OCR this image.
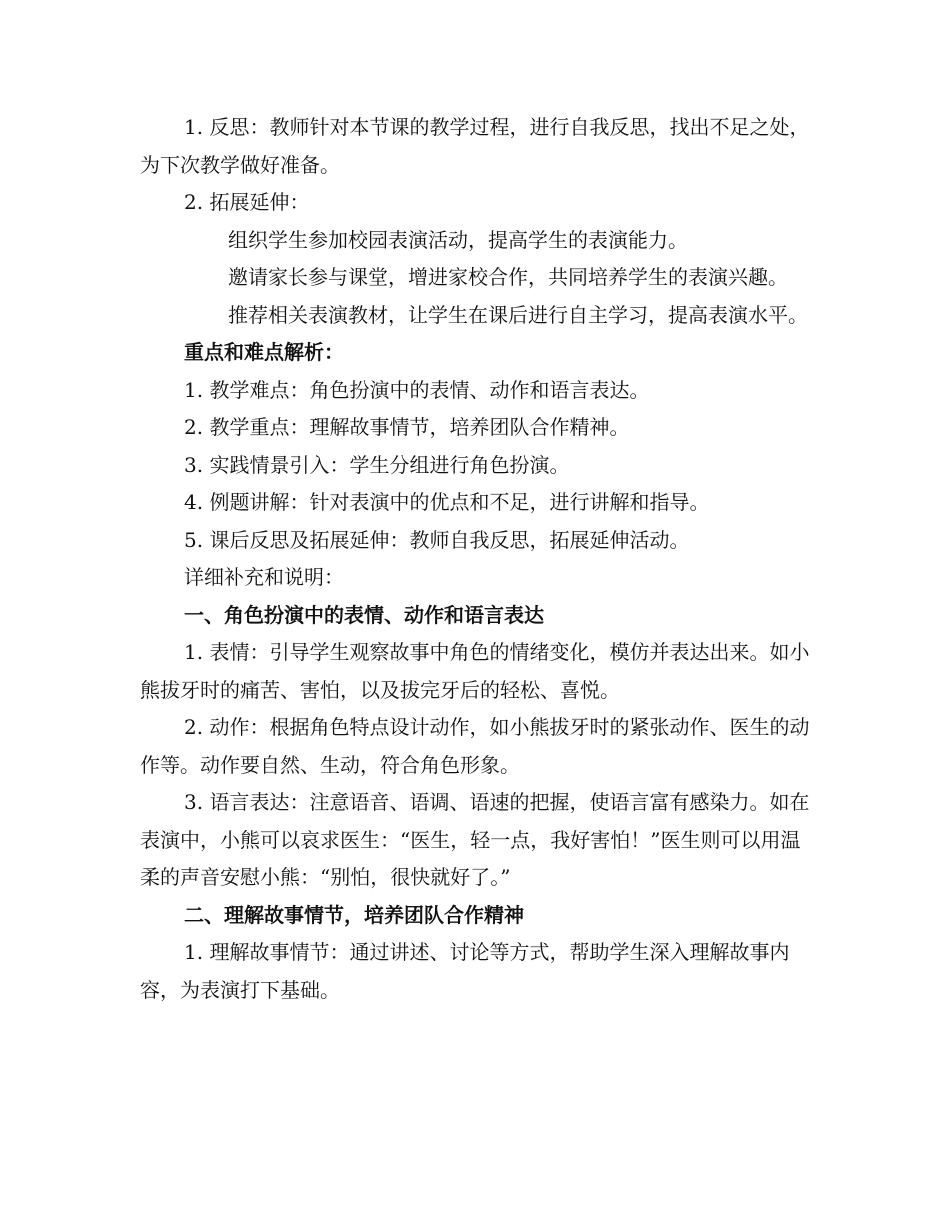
1. 反思：教师针对本节课的教学过程，进行自我反思，找出不足之处，为下次教学做好准备。

2. 拓展延伸：

组织学生参加校园表演活动，提高学生的表演能力。

邀请家长参与课堂，增进家校合作，共同培养学生的表演兴趣。

推荐相关表演教材，让学生在课后进行自主学习，提高表演水平。

重点和难点解析：

1. 教学难点：角色扮演中的表情、动作和语言表达。

2. 教学重点：理解故事情节，培养团队合作精神。

3. 实践情景引入：学生分组进行角色扮演。

4. 例题讲解：针对表演中的优点和不足，进行讲解和指导。

5. 课后反思及拓展延伸：教师自我反思，拓展延伸活动。

详细补充和说明：

一、角色扮演中的表情、动作和语言表达

1. 表情：引导学生观察故事中角色的情绪变化，模仿并表达出来。如小熊拔牙时的痛苦、害怕，以及拔完牙后的轻松、喜悦。

2. 动作：根据角色特点设计动作，如小熊拔牙时的紧张动作、医生的动作等。动作要自然、生动，符合角色形象。

3. 语言表达：注意语音、语调、语速的把握，使语言富有感染力。如在表演中，小熊可以哀求医生：“医生，轻一点，我好害怕！”医生则可以用温柔的声音安慰小熊：“别怕，很快就好了。”

二、理解故事情节，培养团队合作精神

1. 理解故事情节：通过讲述、讨论等方式，帮助学生深入理解故事内容，为表演打下基础。
